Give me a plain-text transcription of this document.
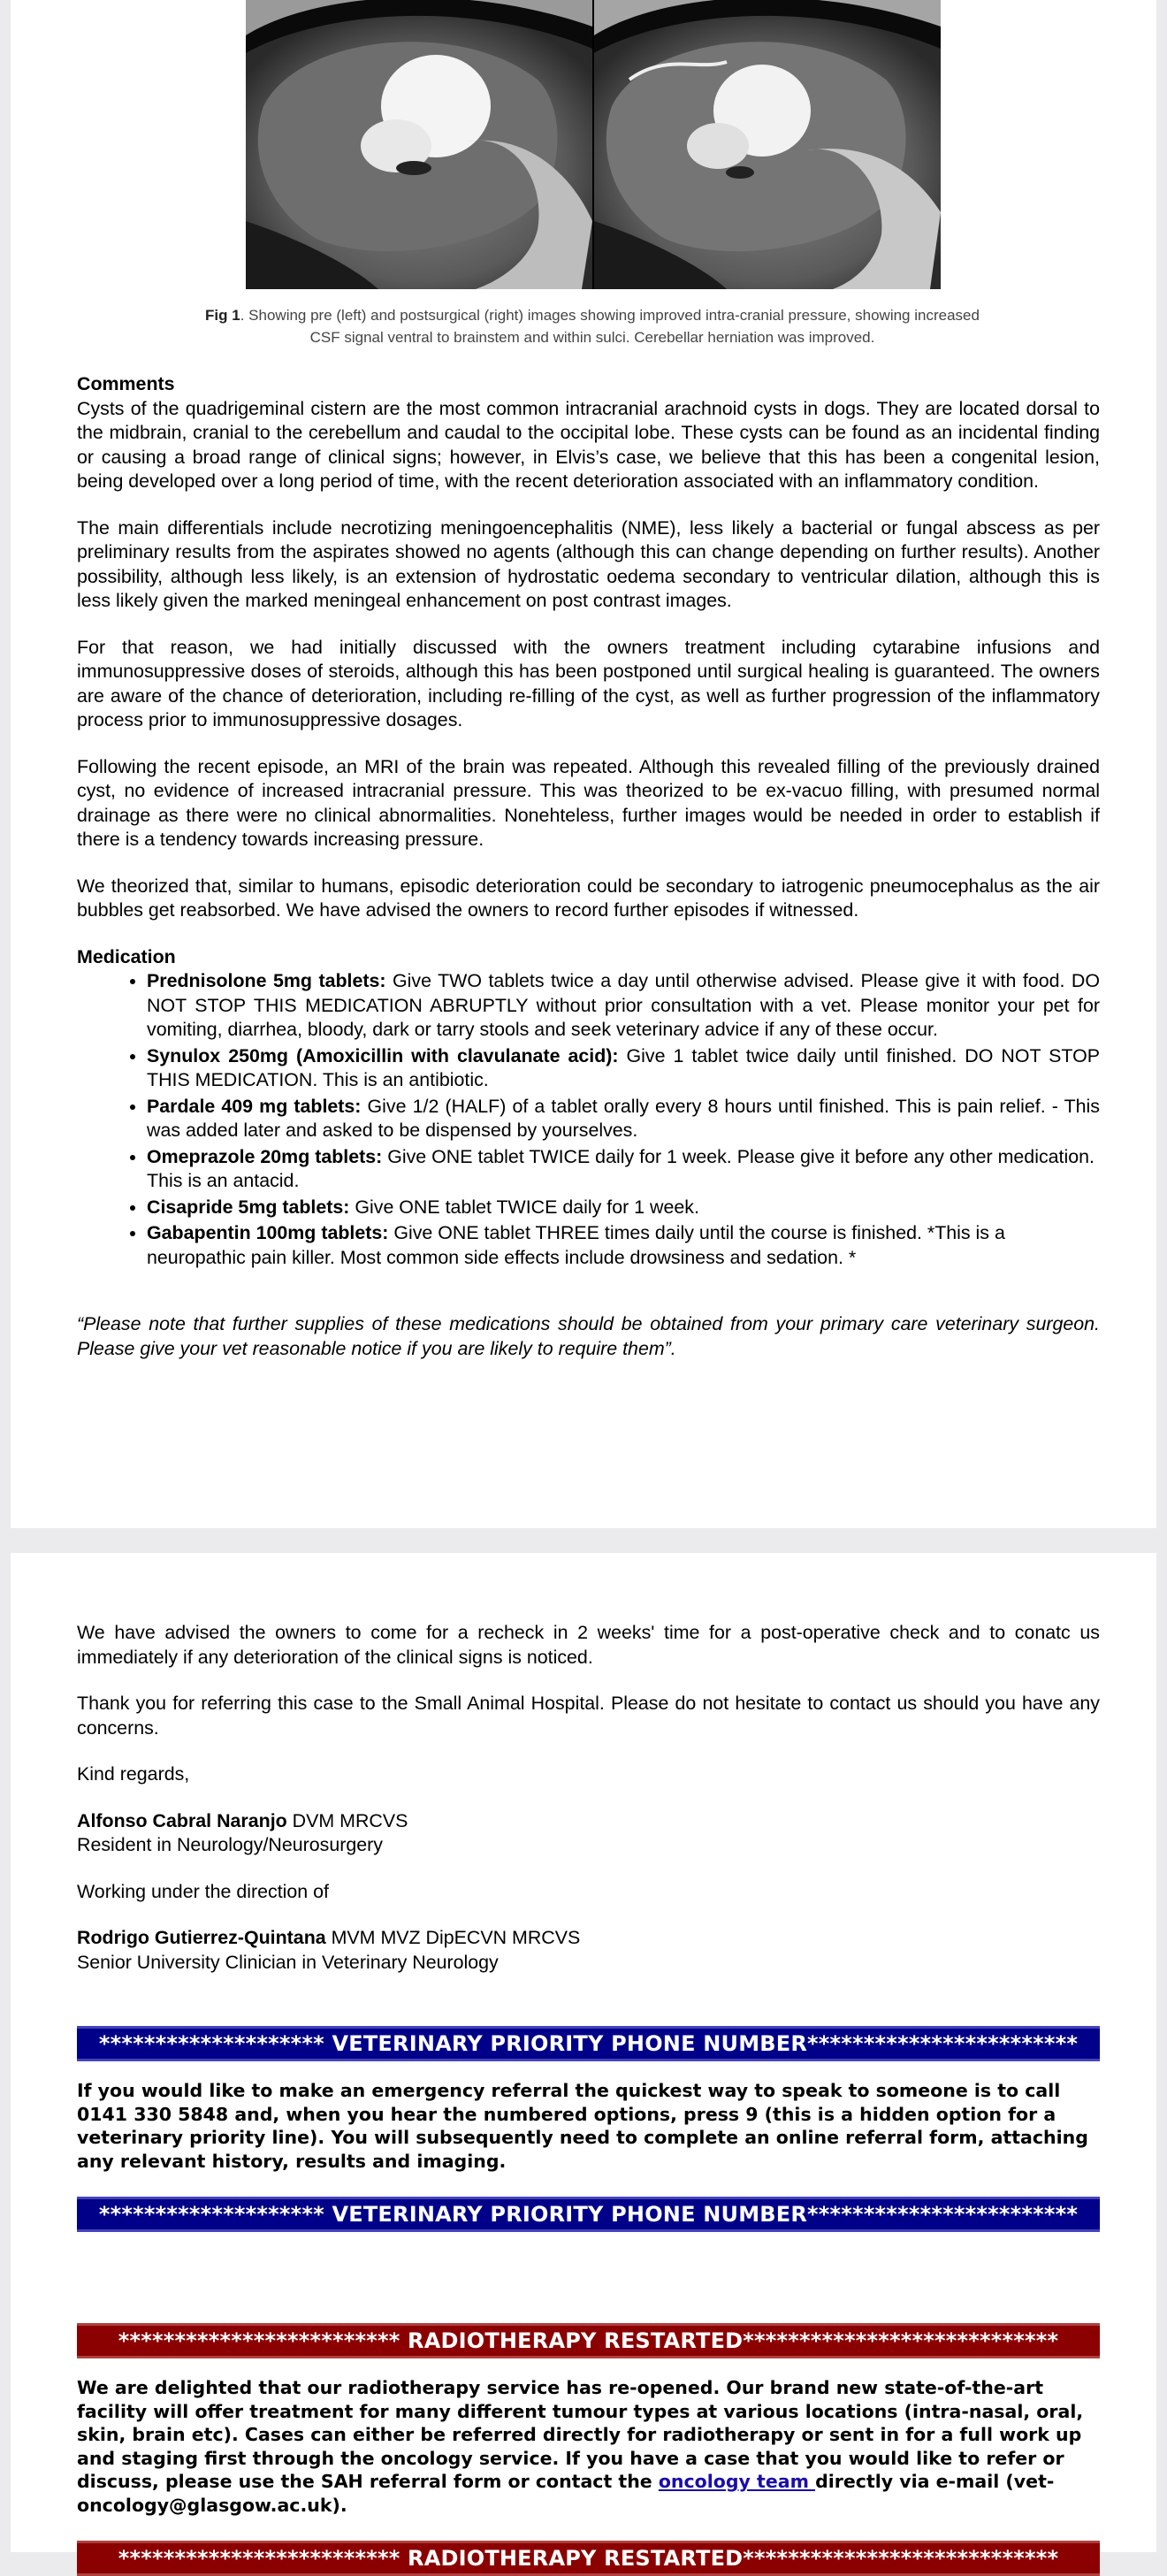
Fig 1. Showing pre (left) and postsurgical (right) images showing improved intra-cranial pressure, showing increased CSF signal ventral to brainstem and within sulci. Cerebellar herniation was improved.

Comments

Cysts of the quadrigeminal cistern are the most common intracranial arachnoid cysts in dogs. They are located dorsal to the midbrain, cranial to the cerebellum and caudal to the occipital lobe. These cysts can be found as an incidental finding or causing a broad range of clinical signs; however, in Elvis’s case, we believe that this has been a congenital lesion, being developed over a long period of time, with the recent deterioration associated with an inflammatory condition.

The main differentials include necrotizing meningoencephalitis (NME), less likely a bacterial or fungal abscess as per preliminary results from the aspirates showed no agents (although this can change depending on further results). Another possibility, although less likely, is an extension of hydrostatic oedema secondary to ventricular dilation, although this is less likely given the marked meningeal enhancement on post contrast images.

For that reason, we had initially discussed with the owners treatment including cytarabine infusions and immunosuppressive doses of steroids, although this has been postponed until surgical healing is guaranteed. The owners are aware of the chance of deterioration, including re-filling of the cyst, as well as further progression of the inflammatory process prior to immunosuppressive dosages.

Following the recent episode, an MRI of the brain was repeated. Although this revealed filling of the previously drained cyst, no evidence of increased intracranial pressure. This was theorized to be ex-vacuo filling, with presumed normal drainage as there were no clinical abnormalities. Nonehteless, further images would be needed in order to establish if there is a tendency towards increasing pressure.

We theorized that, similar to humans, episodic deterioration could be secondary to iatrogenic pneumocephalus as the air bubbles get reabsorbed. We have advised the owners to record further episodes if witnessed.

Medication

• Prednisolone 5mg tablets: Give TWO tablets twice a day until otherwise advised. Please give it with food. DO NOT STOP THIS MEDICATION ABRUPTLY without prior consultation with a vet. Please monitor your pet for vomiting, diarrhea, bloody, dark or tarry stools and seek veterinary advice if any of these occur.
• Synulox 250mg (Amoxicillin with clavulanate acid): Give 1 tablet twice daily until finished. DO NOT STOP THIS MEDICATION. This is an antibiotic.
• Pardale 409 mg tablets: Give 1/2 (HALF) of a tablet orally every 8 hours until finished. This is pain relief. - This was added later and asked to be dispensed by yourselves.
• Omeprazole 20mg tablets: Give ONE tablet TWICE daily for 1 week. Please give it before any other medication. This is an antacid.
• Cisapride 5mg tablets: Give ONE tablet TWICE daily for 1 week.
• Gabapentin 100mg tablets: Give ONE tablet THREE times daily until the course is finished. *This is a neuropathic pain killer. Most common side effects include drowsiness and sedation. *

“Please note that further supplies of these medications should be obtained from your primary care veterinary surgeon. Please give your vet reasonable notice if you are likely to require them”.

We have advised the owners to come for a recheck in 2 weeks' time for a post-operative check and to conatc us immediately if any deterioration of the clinical signs is noticed.

Thank you for referring this case to the Small Animal Hospital. Please do not hesitate to contact us should you have any concerns.

Kind regards,

Alfonso Cabral Naranjo DVM MRCVS

Resident in Neurology/Neurosurgery

Working under the direction of

Rodrigo Gutierrez-Quintana MVM MVZ DipECVN MRCVS

Senior University Clinician in Veterinary Neurology

******************** VETERINARY PRIORITY PHONE NUMBER************************

If you would like to make an emergency referral the quickest way to speak to someone is to call 0141 330 5848 and, when you hear the numbered options, press 9 (this is a hidden option for a veterinary priority line). You will subsequently need to complete an online referral form, attaching any relevant history, results and imaging.

******************** VETERINARY PRIORITY PHONE NUMBER************************
************************* RADIOTHERAPY RESTARTED****************************

We are delighted that our radiotherapy service has re-opened. Our brand new state-of-the-art facility will offer treatment for many different tumour types at various locations (intra-nasal, oral, skin, brain etc). Cases can either be referred directly for radiotherapy or sent in for a full work up and staging first through the oncology service. If you have a case that you would like to refer or discuss, please use the SAH referral form or contact the oncology team directly via e-mail (vet-oncology@glasgow.ac.uk).

************************* RADIOTHERAPY RESTARTED****************************
